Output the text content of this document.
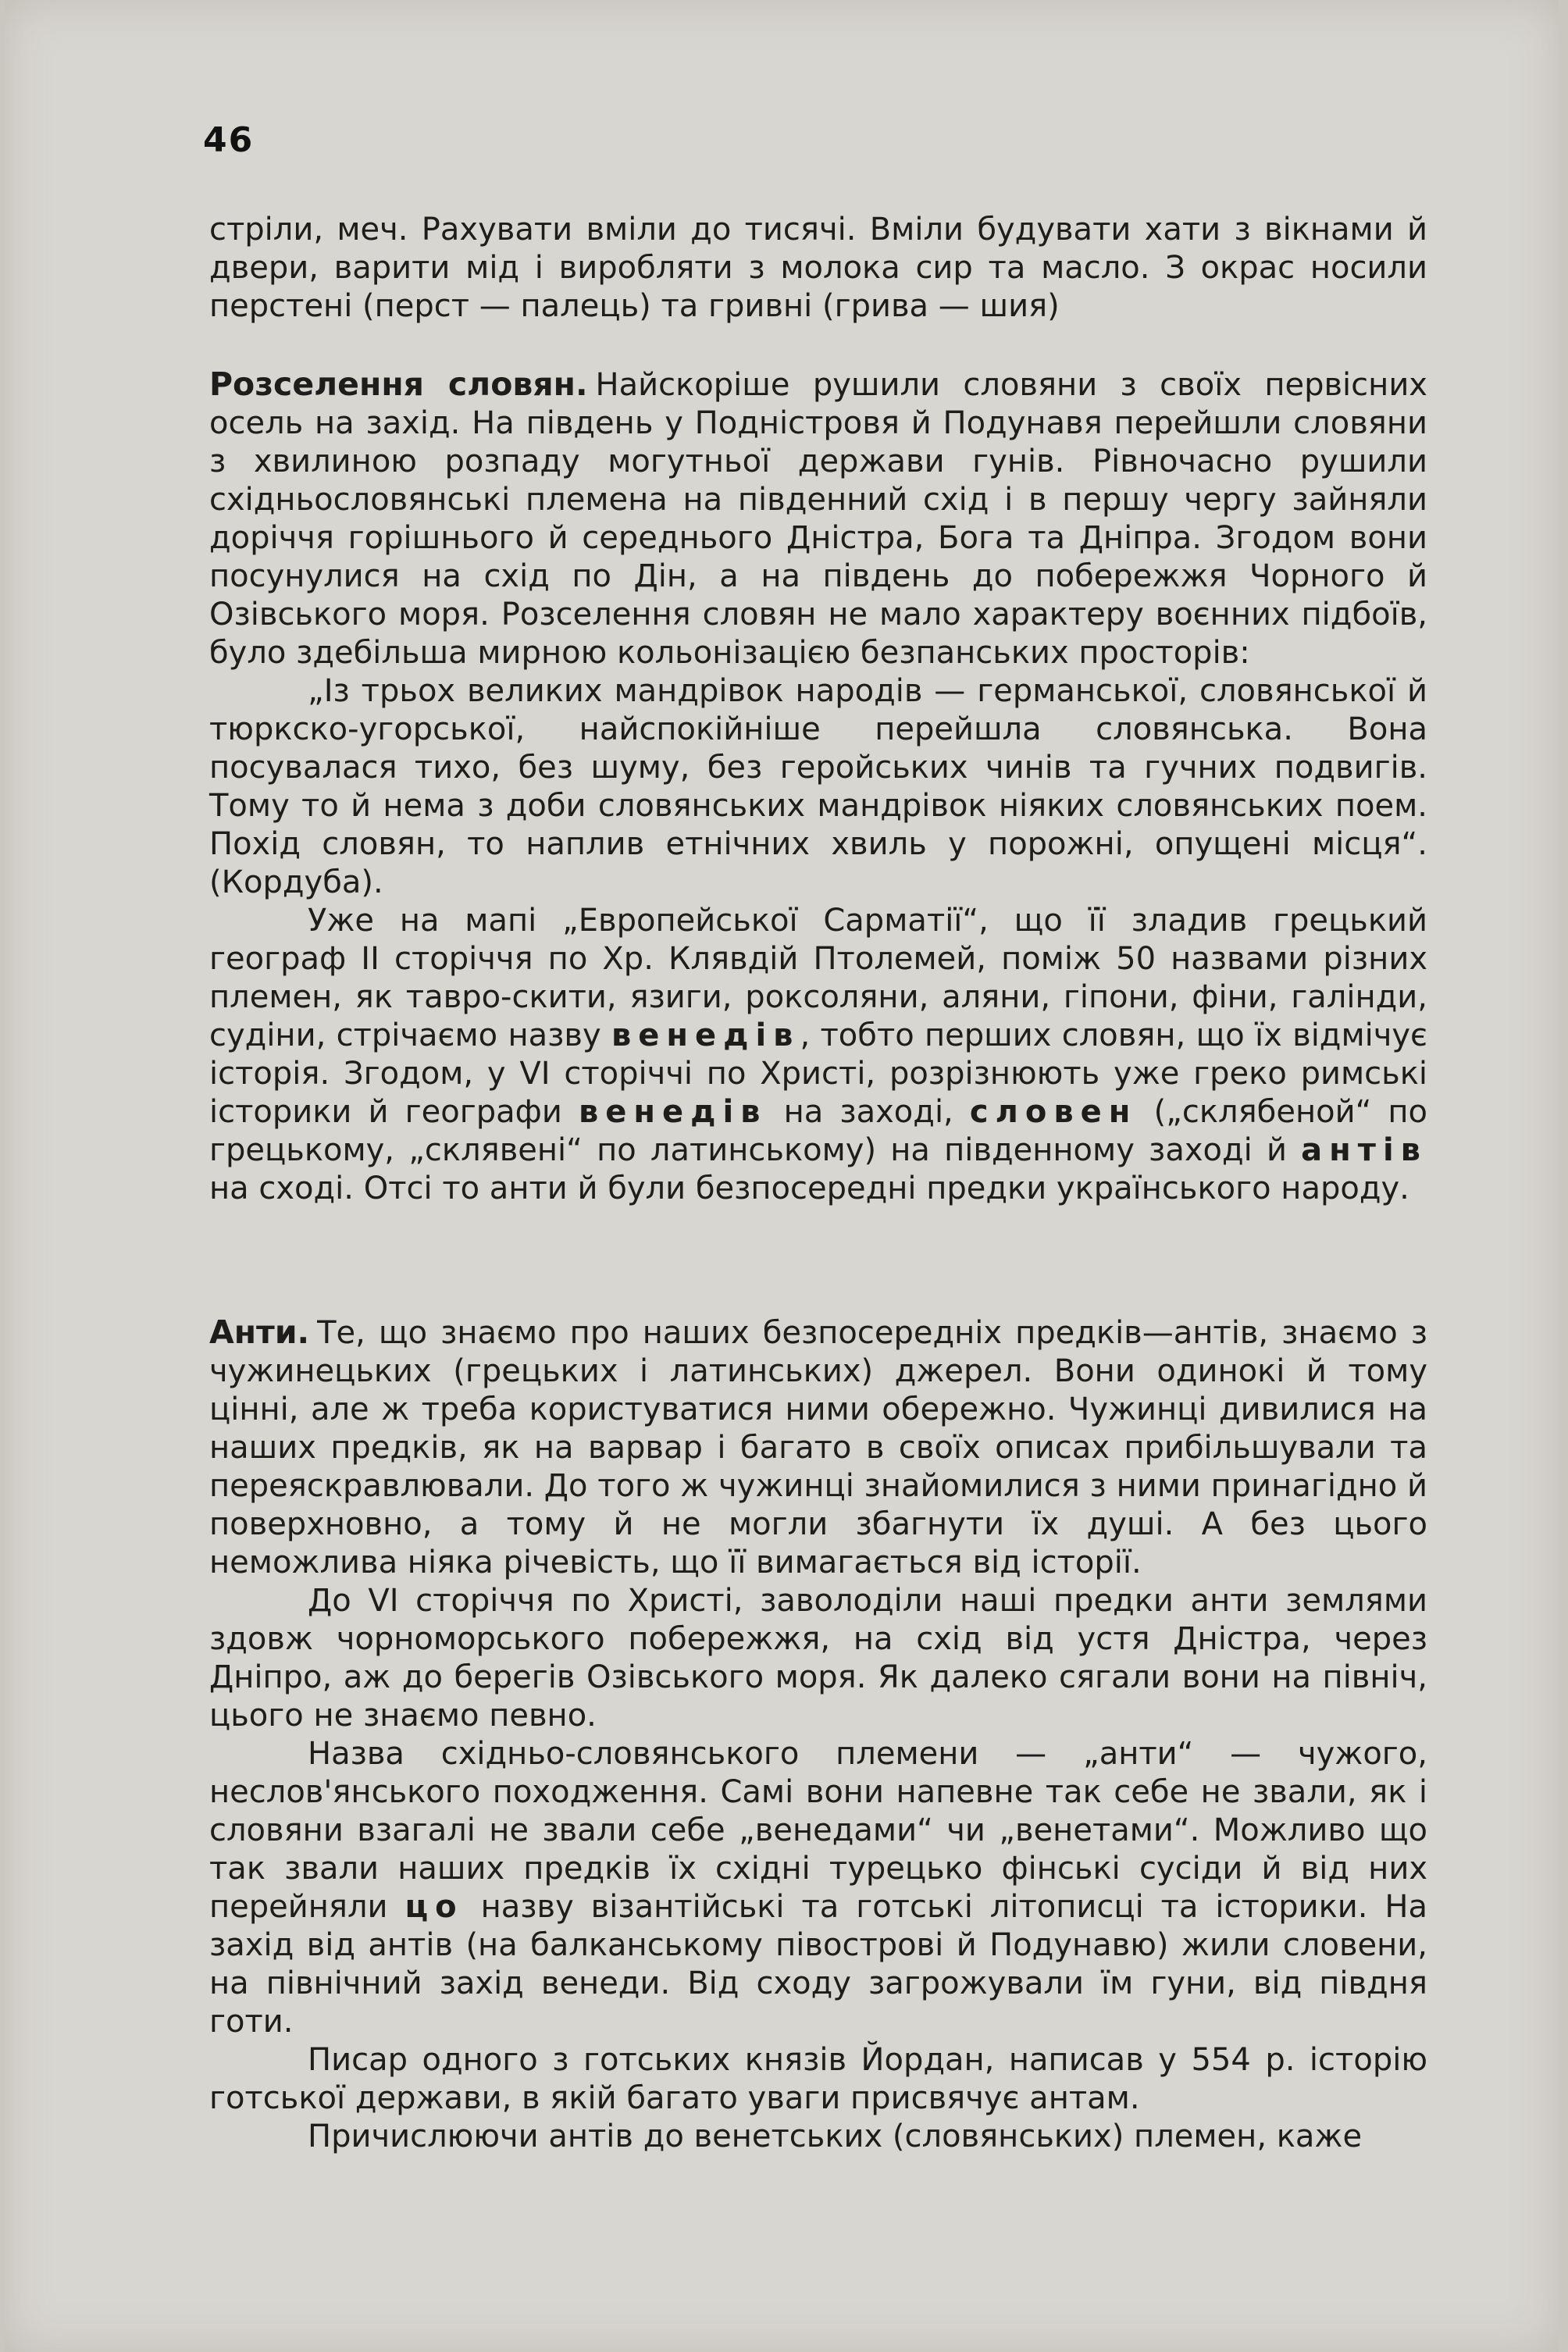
46

стріли, меч. Рахувати вміли до тисячі. Вміли будувати хати з вікнами й двери, варити мід і виробляти з молока сир та масло. З окрас носили перстені (перст — палець) та гривні (грива — шия)

Розселення словян. Найскоріше рушили словяни з своїх первісних осель на захід. На південь у Подністровя й Подунавя перейшли словяни з хвилиною розпаду могутньої держави гунів. Рівночасно рушили східньословянські племена на південний схід і в першу чергу зайняли доріччя горішнього й середнього Дністра, Бога та Дніпра. Згодом вони посунулися на схід по Дін, а на південь до побережжя Чорного й Озівського моря. Розселення словян не мало характеру воєнних підбоїв, було здебільша мирною кольонізацією безпанських просторів:

„Із трьох великих мандрівок народів — германської, словянської й тюркско-угорської, найспокійніше перейшла словянська. Вона посувалася тихо, без шуму, без геройських чинів та гучних подвигів. Тому то й нема з доби словянських мандрівок ніяких словянських поем. Похід словян, то наплив етнічних хвиль у порожні, опущені місця“. (Кордуба).

Уже на мапі „Европейської Сарматії“, що її зладив грецький географ II сторіччя по Хр. Клявдій Птолемей, поміж 50 назвами різних племен, як тавро-скити, язиги, роксоляни, аляни, гіпони, фіни, галінди, судіни, стрічаємо назву венедів, тобто перших словян, що їх відмічує історія. Згодом, у VI сторіччі по Христі, розрізнюють уже греко римські історики й географи венедів на заході, словен („склябеной“ по грецькому, „склявені“ по латинському) на південному заході й антів на сході. Отсі то анти й були безпосередні предки українського народу.

Анти. Те, що знаємо про наших безпосередніх предків—антів, знаємо з чужинецьких (грецьких і латинських) джерел. Вони одинокі й тому цінні, але ж треба користуватися ними обережно. Чужинці дивилися на наших предків, як на варвар і багато в своїх описах прибільшували та переяскравлювали. До того ж чужинці знайомилися з ними принагідно й поверхновно, а тому й не могли збагнути їх душі. А без цього неможлива ніяка річевість, що її вимагається від історії.

До VI сторіччя по Христі, заволоділи наші предки анти землями здовж чорноморського побережжя, на схід від устя Дністра, через Дніпро, аж до берегів Озівського моря. Як далеко сягали вони на північ, цього не знаємо певно.

Назва східньо-словянського племени — „анти“ — чужого, неслов'янського походження. Самі вони напевне так себе не звали, як і словяни взагалі не звали себе „венедами“ чи „венетами“. Можливо що так звали наших предків їх східні турецько фінські сусіди й від них перейняли цо назву візантійські та готські літописці та історики. На захід від антів (на балканському півострові й Подунавю) жили словени, на північний захід венеди. Від сходу загрожували їм гуни, від півдня готи.

Писар одного з готських князів Йордан, написав у 554 р. історію готської держави, в якій багато уваги присвячує антам.

Причислюючи антів до венетських (словянських) племен, каже
